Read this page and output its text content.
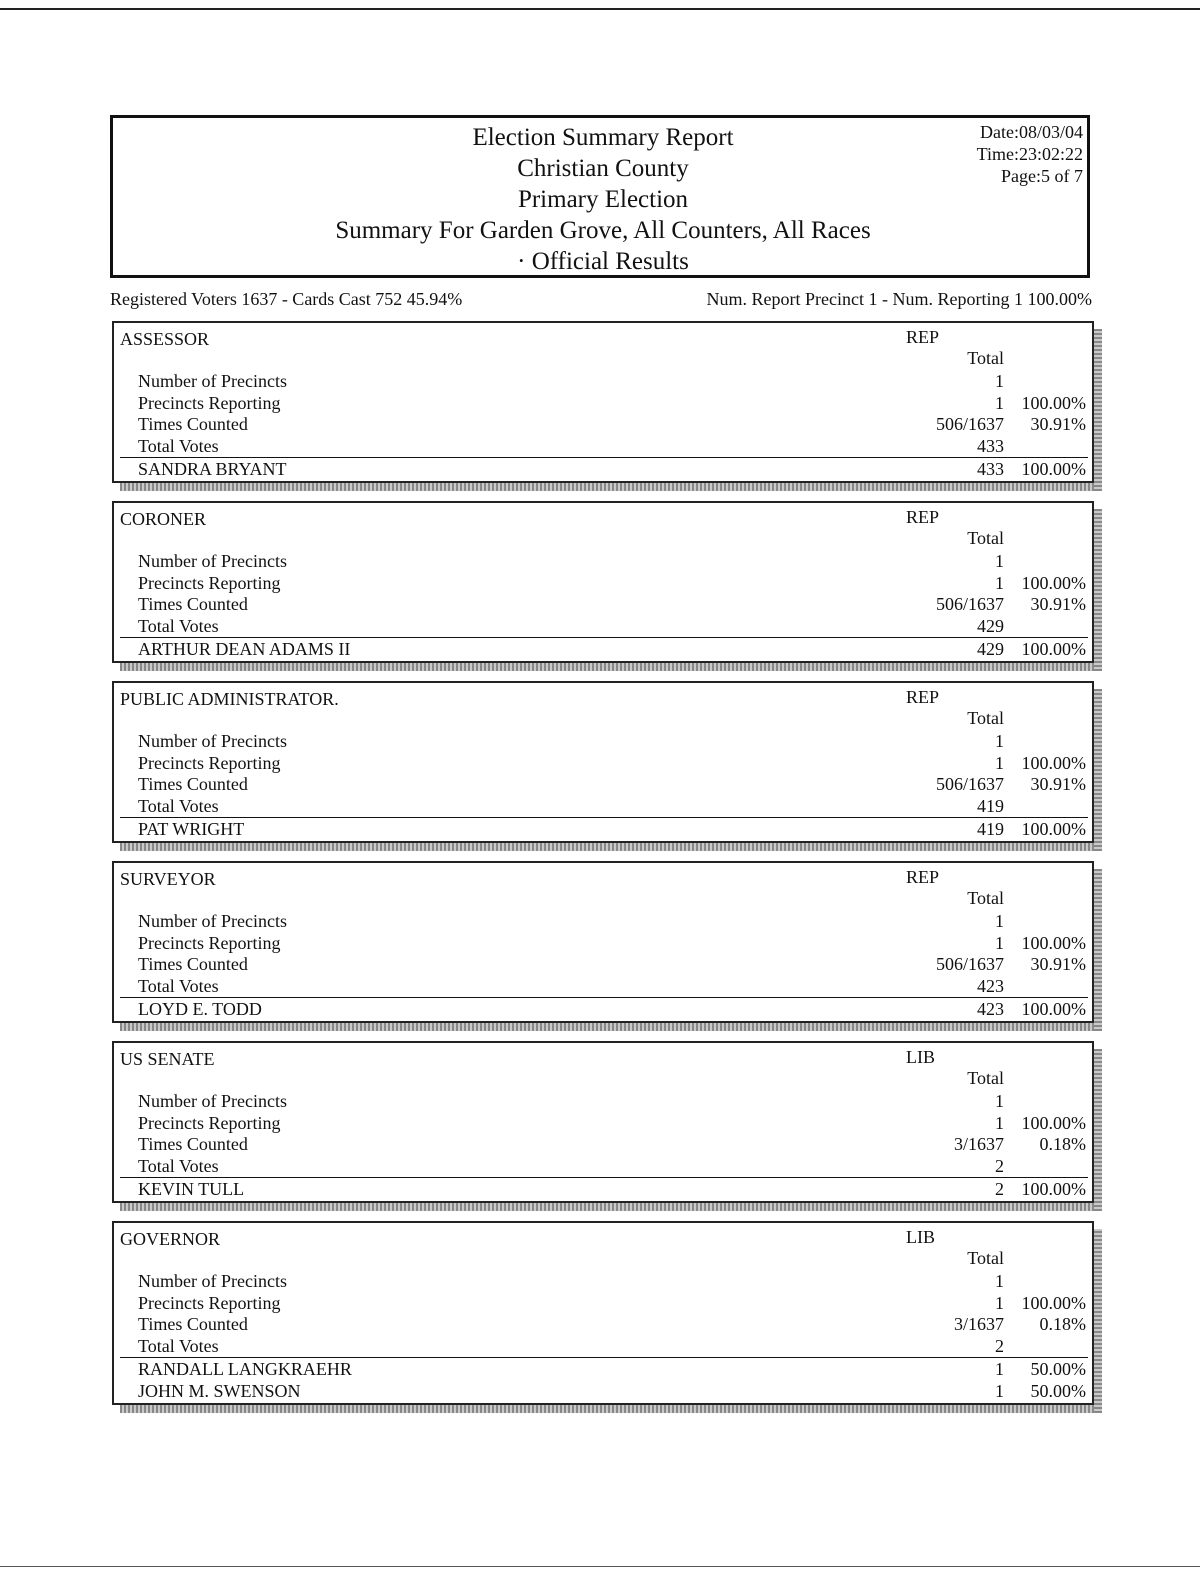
Election Summary Report
Christian County
Primary Election
Summary For Garden Grove, All Counters, All Races
· Official Results
Date:08/03/04
Time:23:02:22
Page:5 of 7
Registered Voters 1637 - Cards Cast 752 45.94%	Num. Report Precinct 1 - Num. Reporting 1 100.00%
ASSESSOR	REP
Total
Number of Precincts	1
Precincts Reporting	1 100.00%
Times Counted	506/1637 30.91%
Total Votes	433
SANDRA BRYANT	433 100.00%
CORONER	REP
Total
Number of Precincts	1
Precincts Reporting	1 100.00%
Times Counted	506/1637 30.91%
Total Votes	429
ARTHUR DEAN ADAMS II	429 100.00%
PUBLIC ADMINISTRATOR.	REP
Total
Number of Precincts	1
Precincts Reporting	1 100.00%
Times Counted	506/1637 30.91%
Total Votes	419
PAT WRIGHT	419 100.00%
SURVEYOR	REP
Total
Number of Precincts	1
Precincts Reporting	1 100.00%
Times Counted	506/1637 30.91%
Total Votes	423
LOYD E. TODD	423 100.00%
US SENATE	LIB
Total
Number of Precincts	1
Precincts Reporting	1 100.00%
Times Counted	3/1637 0.18%
Total Votes	2
KEVIN TULL	2 100.00%
GOVERNOR	LIB
Total
Number of Precincts	1
Precincts Reporting	1 100.00%
Times Counted	3/1637 0.18%
Total Votes	2
RANDALL LANGKRAEHR	1 50.00%
JOHN M. SWENSON	1 50.00%
